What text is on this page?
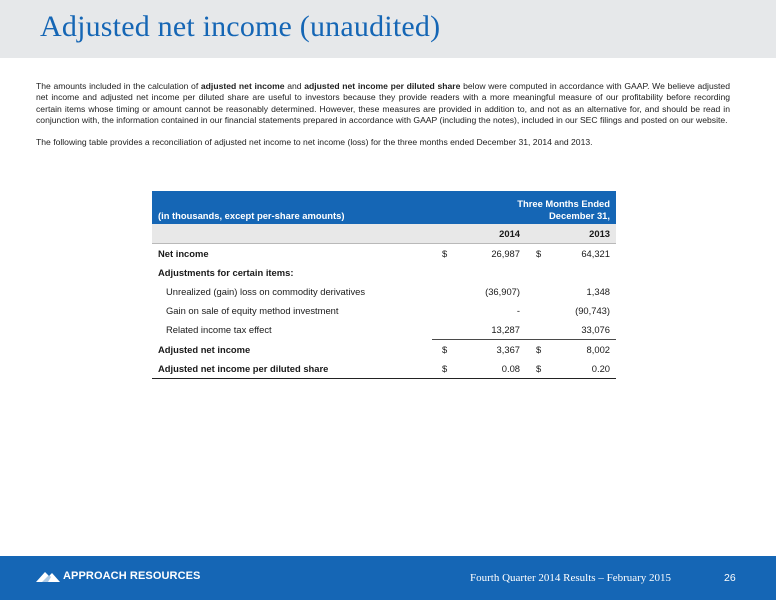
Adjusted net income (unaudited)

The amounts included in the calculation of adjusted net income and adjusted net income per diluted share below were computed in accordance with GAAP. We believe adjusted net income and adjusted net income per diluted share are useful to investors because they provide readers with a more meaningful measure of our profitability before recording certain items whose timing or amount cannot be reasonably determined. However, these measures are provided in addition to, and not as an alternative for, and should be read in conjunction with, the information contained in our financial statements prepared in accordance with GAAP (including the notes), included in our SEC filings and posted on our website.

The following table provides a reconciliation of adjusted net income to net income (loss) for the three months ended December 31, 2014 and 2013.

(in thousands, except per-share amounts)	Three Months Ended
December 31,			

	2014		2013	
Net income	$	26,987	$	64,321
Adjustments for certain items:				
Unrealized (gain) loss on commodity derivatives		(36,907)		1,348
Gain on sale of equity method investment		-		(90,743)
Related income tax effect		13,287		33,076
Adjusted net income	$	3,367	$	8,002
Adjusted net income per diluted share	$	0.08	$	0.20
APPROACH RESOURCES	Fourth Quarter 2014 Results – February 2015	26
